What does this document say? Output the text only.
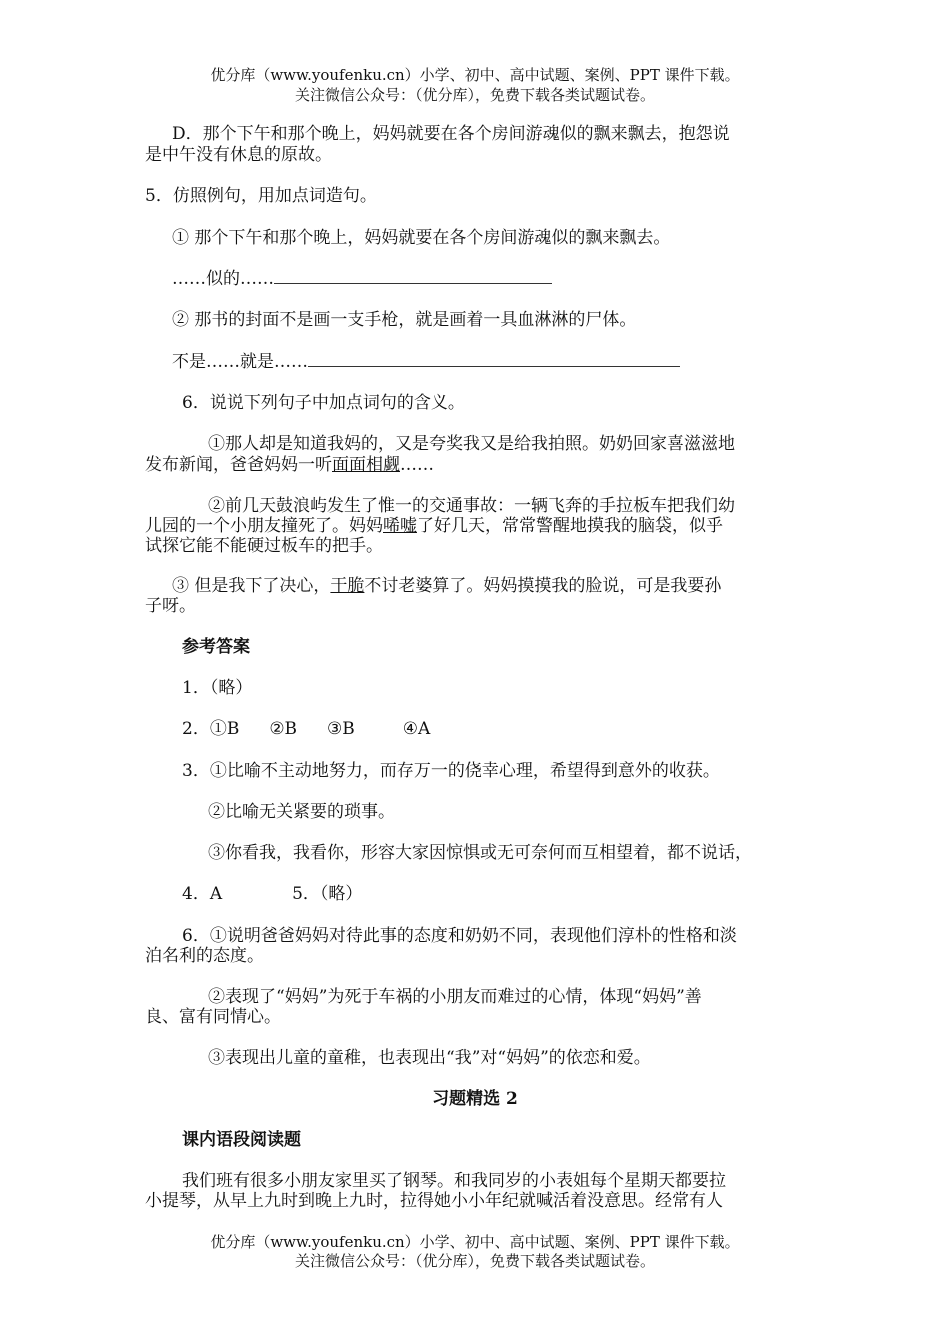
优分库（www.youfenku.cn）小学、初中、高中试题、案例、PPT 课件下载。
关注微信公众号：（优分库），免费下载各类试题试卷。
D．那个下午和那个晚上，妈妈就要在各个房间游魂似的飘来飘去，抱怨说
是中午没有休息的原故。
5．仿照例句，用加点词造句。
① 那个下午和那个晚上，妈妈就要在各个房间游魂似的飘来飘去。
……似的……
② 那书的封面不是画一支手枪，就是画着一具血淋淋的尸体。
不是……就是……
6．说说下列句子中加点词句的含义。
①那人却是知道我妈的，又是夸奖我又是给我拍照。奶奶回家喜滋滋地
发布新闻，爸爸妈妈一听面面相觑……
②前几天鼓浪屿发生了惟一的交通事故：一辆飞奔的手拉板车把我们幼
儿园的一个小朋友撞死了。妈妈唏嘘了好几天，常常警醒地摸我的脑袋，似乎
试探它能不能硬过板车的把手。
③ 但是我下了决心，干脆不讨老婆算了。妈妈摸摸我的脸说，可是我要孙
子呀。
参考答案
1．（略）
2．①B ②B ③B	④A
3．①比喻不主动地努力，而存万一的侥幸心理，希望得到意外的收获。
②比喻无关紧要的琐事。
③你看我，我看你，形容大家因惊惧或无可奈何而互相望着，都不说话，
4．A	5．（略）
6．①说明爸爸妈妈对待此事的态度和奶奶不同，表现他们淳朴的性格和淡
泊名利的态度。
②表现了“妈妈”为死于车祸的小朋友而难过的心情，体现“妈妈”善
良、富有同情心。
③表现出儿童的童稚，也表现出“我”对“妈妈”的依恋和爱。
习题精选 2
课内语段阅读题
我们班有很多小朋友家里买了钢琴。和我同岁的小表姐每个星期天都要拉
小提琴，从早上九时到晚上九时，拉得她小小年纪就喊活着没意思。经常有人
优分库（www.youfenku.cn）小学、初中、高中试题、案例、PPT 课件下载。
关注微信公众号：（优分库），免费下载各类试题试卷。
